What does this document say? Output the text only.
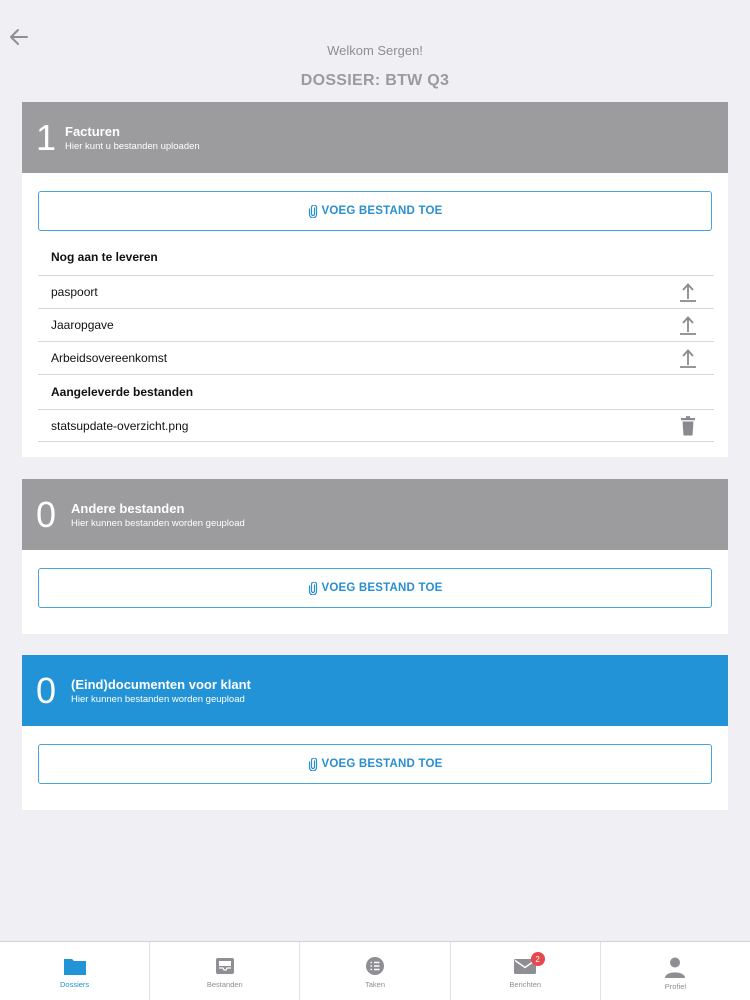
Welkom Sergen!
DOSSIER: BTW Q3
1 Facturen
Hier kunt u bestanden uploaden
VOEG BESTAND TOE
Nog aan te leveren
paspoort
Jaaropgave
Arbeidsovereenkomst
Aangeleverde bestanden
statsupdate-overzicht.png
0 Andere bestanden
Hier kunnen bestanden worden geupload
VOEG BESTAND TOE
0 (Eind)documenten voor klant
Hier kunnen bestanden worden geupload
VOEG BESTAND TOE
Dossiers	Bestanden	Taken
2
Berichten	Profiel
